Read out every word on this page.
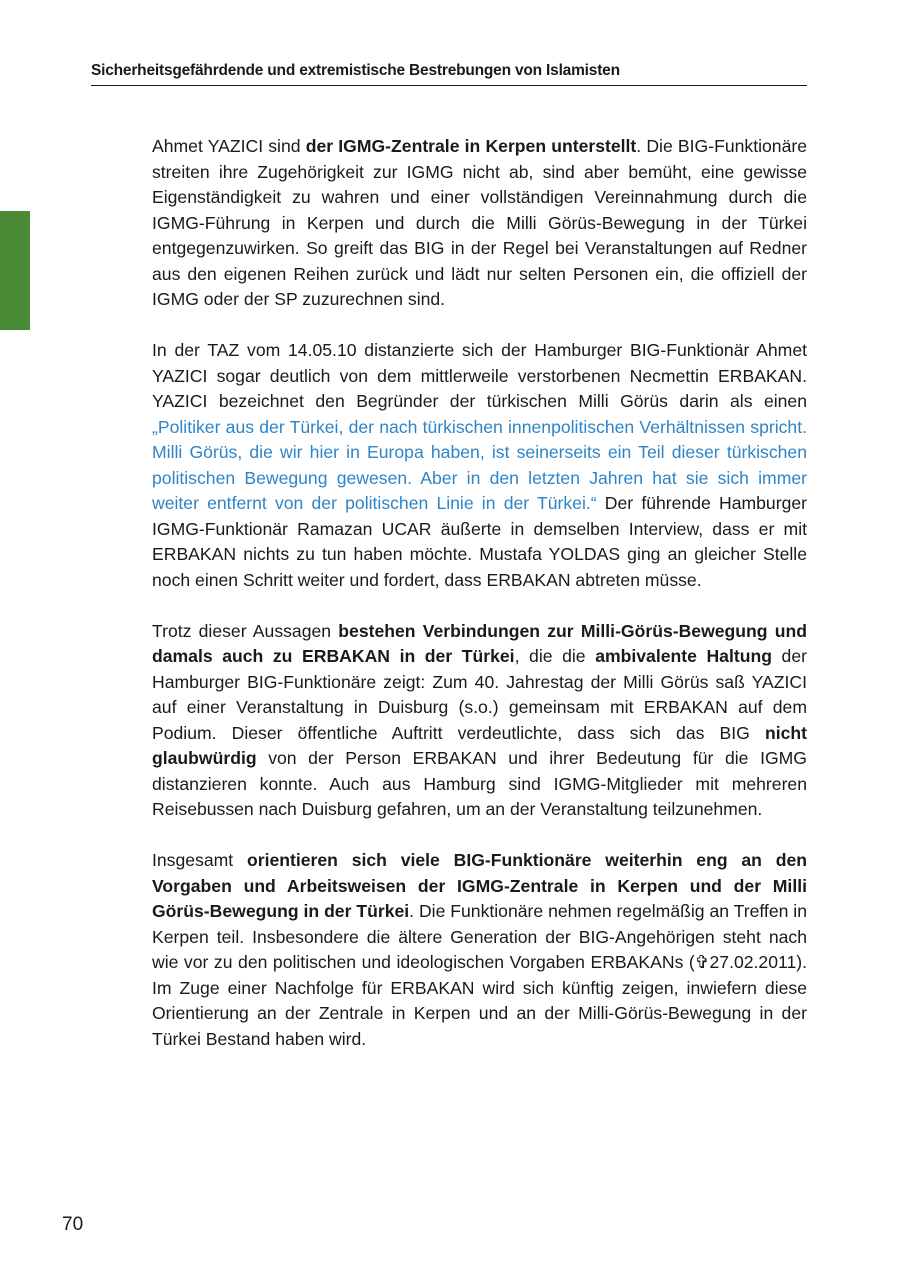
Sicherheitsgefährdende und extremistische Bestrebungen von Islamisten

Ahmet YAZICI sind der IGMG-Zentrale in Kerpen unterstellt. Die BIG-Funktionäre streiten ihre Zugehörigkeit zur IGMG nicht ab, sind aber bemüht, eine gewisse Eigenständigkeit zu wahren und einer vollständigen Vereinnahmung durch die IGMG-Führung in Kerpen und durch die Milli Görüs-Bewegung in der Türkei entgegenzuwirken. So greift das BIG in der Regel bei Veranstaltungen auf Redner aus den eigenen Reihen zurück und lädt nur selten Personen ein, die offiziell der IGMG oder der SP zuzurechnen sind.

In der TAZ vom 14.05.10 distanzierte sich der Hamburger BIG-Funktionär Ahmet YAZICI sogar deutlich von dem mittlerweile verstorbenen Necmettin ERBAKAN. YAZICI bezeichnet den Begründer der türkischen Milli Görüs darin als einen „Politiker aus der Türkei, der nach türkischen innenpolitischen Verhältnissen spricht. Milli Görüs, die wir hier in Europa haben, ist seinerseits ein Teil dieser türkischen politischen Bewegung gewesen. Aber in den letzten Jahren hat sie sich immer weiter entfernt von der politischen Linie in der Türkei.“ Der führende Hamburger IGMG-Funktionär Ramazan UCAR äußerte in demselben Interview, dass er mit ERBAKAN nichts zu tun haben möchte. Mustafa YOLDAS ging an gleicher Stelle noch einen Schritt weiter und fordert, dass ERBAKAN abtreten müsse.

Trotz dieser Aussagen bestehen Verbindungen zur Milli-Görüs-Bewegung und damals auch zu ERBAKAN in der Türkei, die die ambivalente Haltung der Hamburger BIG-Funktionäre zeigt: Zum 40. Jahrestag der Milli Görüs saß YAZICI auf einer Veranstaltung in Duisburg (s.o.) gemeinsam mit ERBAKAN auf dem Podium. Dieser öffentliche Auftritt verdeutlichte, dass sich das BIG nicht glaubwürdig von der Person ERBAKAN und ihrer Bedeutung für die IGMG distanzieren konnte. Auch aus Hamburg sind IGMG-Mitglieder mit mehreren Reisebussen nach Duisburg gefahren, um an der Veranstaltung teilzunehmen.

Insgesamt orientieren sich viele BIG-Funktionäre weiterhin eng an den Vorgaben und Arbeitsweisen der IGMG-Zentrale in Kerpen und der Milli Görüs-Bewegung in der Türkei. Die Funktionäre nehmen regelmäßig an Treffen in Kerpen teil. Insbesondere die ältere Generation der BIG-Angehörigen steht nach wie vor zu den politischen und ideologischen Vorgaben ERBAKANs (✞27.02.2011). Im Zuge einer Nachfolge für ERBAKAN wird sich künftig zeigen, inwiefern diese Orientierung an der Zentrale in Kerpen und an der Milli-Görüs-Bewegung in der Türkei Bestand haben wird.

70
